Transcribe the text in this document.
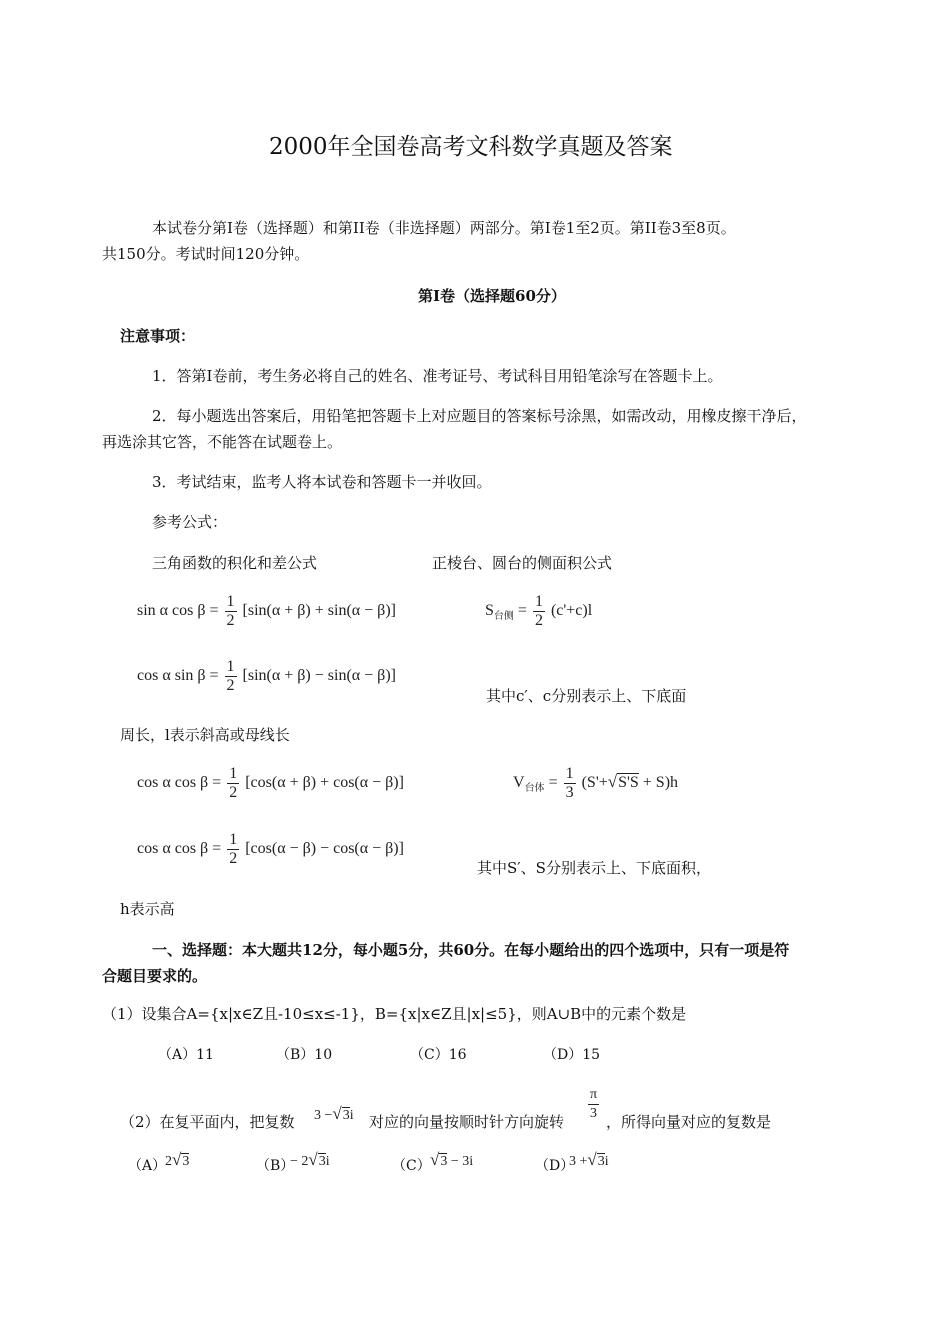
2000年全国卷高考文科数学真题及答案
本试卷分第Ⅰ卷（选择题）和第II卷（非选择题）两部分。第Ⅰ卷1至2页。第II卷3至8页。
共150分。考试时间120分钟。
第Ⅰ卷（选择题60分）
注意事项：
1．答第Ⅰ卷前，考生务必将自己的姓名、准考证号、考试科目用铅笔涂写在答题卡上。
2．每小题选出答案后，用铅笔把答题卡上对应题目的答案标号涂黑，如需改动，用橡皮擦干净后，
再选涂其它答，不能答在试题卷上。
3．考试结束，监考人将本试卷和答题卡一并收回。
参考公式：
三角函数的积化和差公式	正棱台、圆台的侧面积公式
sin α $\cos \beta = \frac{1}{2} [\sin(\alpha + \beta) + \sin(\alpha - \beta)]$	$S_{台侧} = \frac{1}{2} (c'+c)l$
cos α $\sin \beta = \frac{1}{2} [\sin(\alpha + \beta) - \sin(\alpha - \beta)]$
其中c′、c分别表示上、下底面
周长，l表示斜高或母线长
cos α $\cos \beta = \frac{1}{2} [\cos(\alpha + \beta) + \cos(\alpha - \beta)]$	$V_{台体} = \frac{1}{3} (S'+√S'S + S)h$
cos α $\cos \beta = \frac{1}{2} [\cos(\alpha - \beta) - \cos(\alpha - \beta)]$
其中S′、S分别表示上、下底面积，
h表示高
一、选择题：本大题共12分，每小题5分，共60分。在每小题给出的四个选项中，只有一项是符
合题目要求的。
（1）设集合A={x|x∈Z且-10≤x≤-1}，B={x|x∈Z且|x|≤5}，则A∪B中的元素个数是
（A）11	（B）10	（C）16	（D）15
（2）在复平面内，把复数 3 −√3i 对应的向量按顺时针方向旋转 $\frac{\pi}{3}$ ，所得向量对应的复数是
（A）
2√3	（B）
− 2√3i	（C） √3 − 3i	（D）
3 +√3i
